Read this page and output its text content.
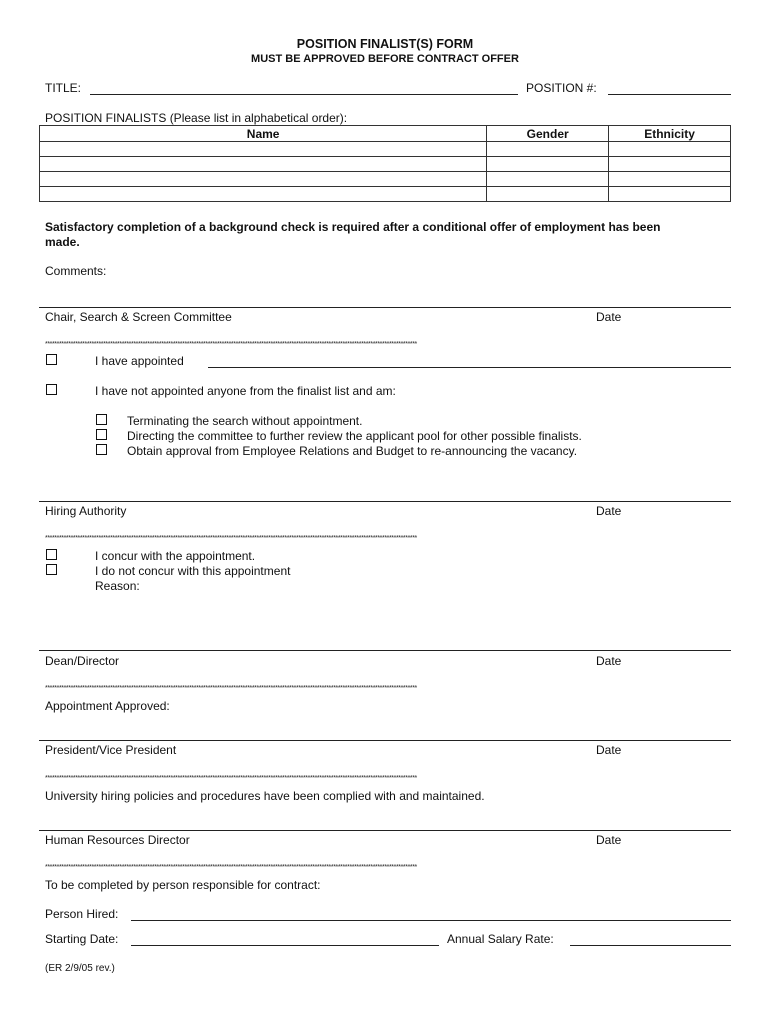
POSITION FINALIST(S) FORM
MUST BE APPROVED BEFORE CONTRACT OFFER
TITLE:	POSITION #:
POSITION FINALISTS (Please list in alphabetical order):
Name	Gender	Ethnicity

Satisfactory completion of a background check is required after a conditional offer of employment has been
made.
Comments:
Chair, Search & Screen Committee	Date
****************************************************************************************************************************************************************
I have appointed
I have not appointed anyone from the finalist list and am:
Terminating the search without appointment.
Directing the committee to further review the applicant pool for other possible finalists.
Obtain approval from Employee Relations and Budget to re-announcing the vacancy.
Hiring Authority	Date
****************************************************************************************************************************************************************
I concur with the appointment.
I do not concur with this appointment
Reason:
Dean/Director	Date
****************************************************************************************************************************************************************
Appointment Approved:
President/Vice President	Date
****************************************************************************************************************************************************************
University hiring policies and procedures have been complied with and maintained.
Human Resources Director	Date
****************************************************************************************************************************************************************
To be completed by person responsible for contract:
Person Hired:
Starting Date:	Annual Salary Rate:
(ER 2/9/05 rev.)
